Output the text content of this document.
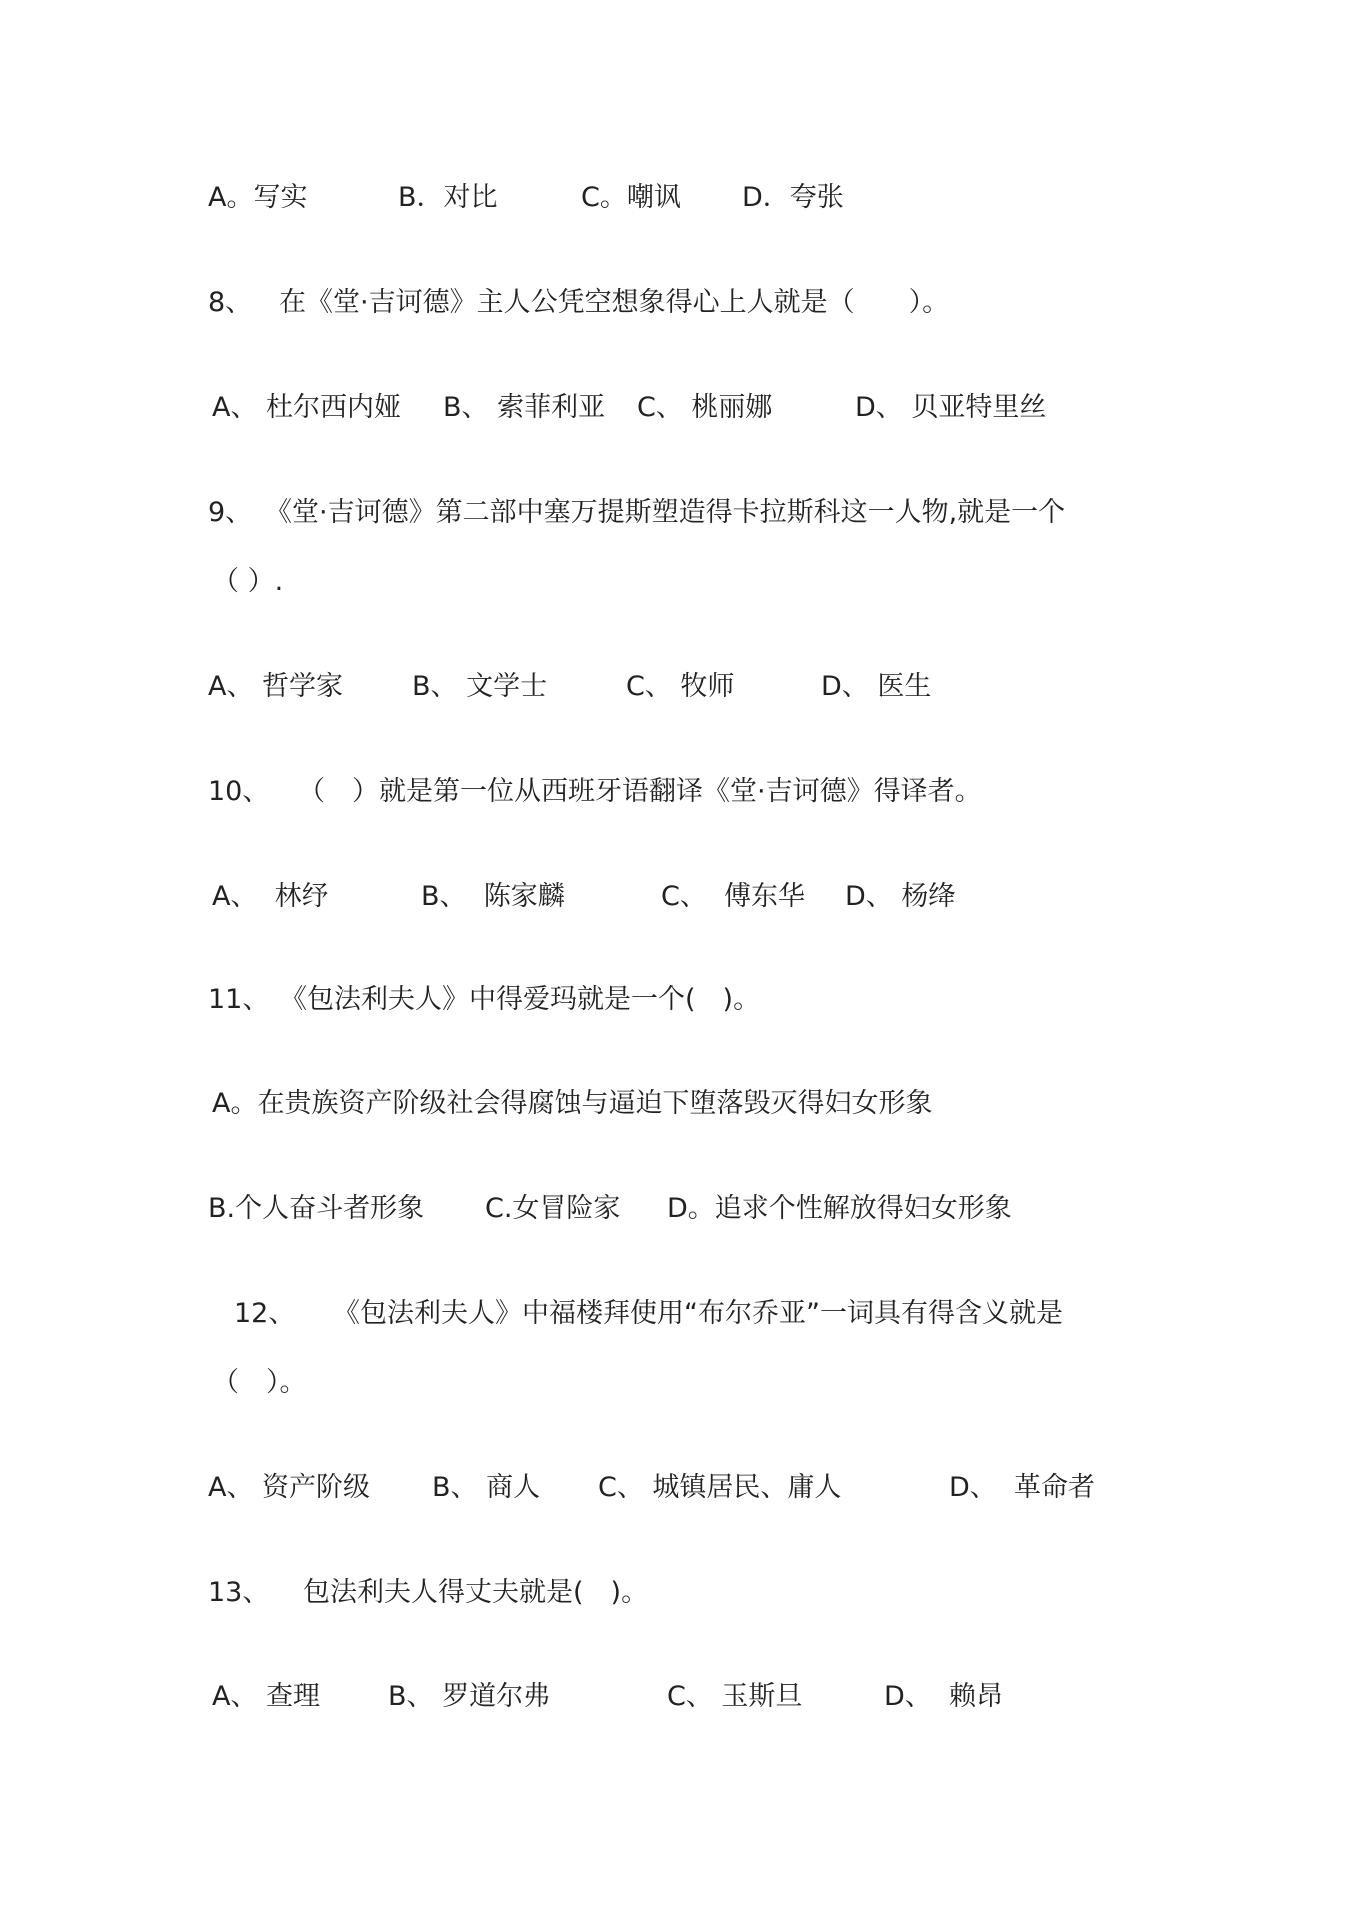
A。写实

	B．对比

	C。嘲讽

D．夸张

8、

在《堂·吉诃德》主人公凭空想象得心上人就是（　　）。

A、 杜尔西内娅

B、 索菲利亚

C、 桃丽娜

	D、 贝亚特里丝

9、

《堂·吉诃德》第二部中塞万提斯塑造得卡拉斯科这一人物,就是一个

（ ）.

A、 哲学家

	B、 文学士

	C、 牧师

	D、 医生

10、

（　）就是第一位从西班牙语翻译《堂·吉诃德》得译者。

A、  林纾

	B、  陈家麟

	C、  傅东华

D、 杨绛

11、

《包法利夫人》中得爱玛就是一个(　)。

A。在贵族资产阶级社会得腐蚀与逼迫下堕落毁灭得妇女形象

B.个人奋斗者形象

C.女冒险家

D。追求个性解放得妇女形象

12、

《包法利夫人》中福楼拜使用“布尔乔亚”一词具有得含义就是

（　）。

A、 资产阶级

B、 商人

C、 城镇居民、庸人

	D、  革命者

13、

包法利夫人得丈夫就是(　)。

A、 查理

	B、 罗道尔弗

	C、 玉斯旦

	D、  赖昂
